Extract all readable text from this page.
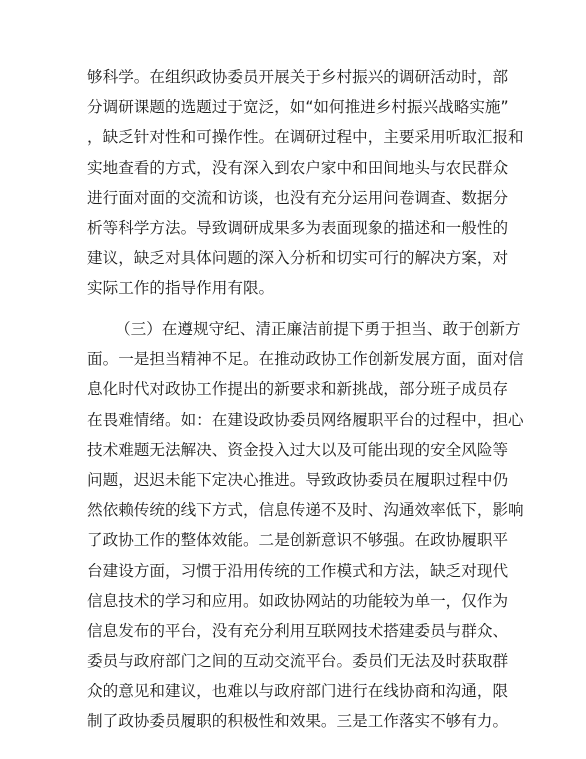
够科学。在组织政协委员开展关于乡村振兴的调研活动时，部
分调研课题的选题过于宽泛，如“如何推进乡村振兴战略实施”
，缺乏针对性和可操作性。在调研过程中，主要采用听取汇报和
实地查看的方式，没有深入到农户家中和田间地头与农民群众
进行面对面的交流和访谈，也没有充分运用问卷调查、数据分
析等科学方法。导致调研成果多为表面现象的描述和一般性的
建议，缺乏对具体问题的深入分析和切实可行的解决方案，对
实际工作的指导作用有限。
（三）在遵规守纪、清正廉洁前提下勇于担当、敢于创新方
面。一是担当精神不足。在推动政协工作创新发展方面，面对信
息化时代对政协工作提出的新要求和新挑战，部分班子成员存
在畏难情绪。如：在建设政协委员网络履职平台的过程中，担心
技术难题无法解决、资金投入过大以及可能出现的安全风险等
问题，迟迟未能下定决心推进。导致政协委员在履职过程中仍
然依赖传统的线下方式，信息传递不及时、沟通效率低下，影响
了政协工作的整体效能。二是创新意识不够强。在政协履职平
台建设方面，习惯于沿用传统的工作模式和方法，缺乏对现代
信息技术的学习和应用。如政协网站的功能较为单一，仅作为
信息发布的平台，没有充分利用互联网技术搭建委员与群众、
委员与政府部门之间的互动交流平台。委员们无法及时获取群
众的意见和建议，也难以与政府部门进行在线协商和沟通，限
制了政协委员履职的积极性和效果。三是工作落实不够有力。
